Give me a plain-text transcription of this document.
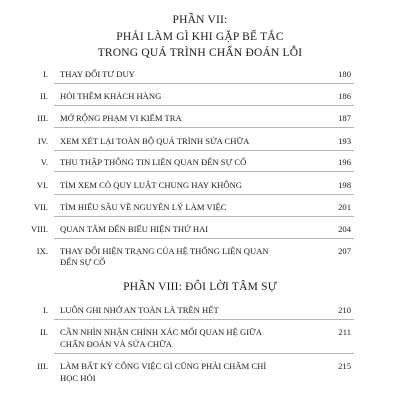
PHẦN VII:
PHẢI LÀM GÌ KHI GẶP BẾ TẮC
TRONG QUÁ TRÌNH CHẨN ĐOÁN LỖI
I. THAY ĐỔI TƯ DUY	180
II. HỎI THÊM KHÁCH HÀNG	186
III. MỞ RỘNG PHẠM VI KIỂM TRA	187
IV. XEM XÉT LẠI TOÀN BỘ QUÁ TRÌNH SỬA CHỮA	193
V. THU THẬP THÔNG TIN LIÊN QUAN ĐẾN SỰ CỐ	196
VI. TÌM XEM CÓ QUY LUẬT CHUNG HAY KHÔNG	198
VII. TÌM HIỂU SÂU VỀ NGUYÊN LÝ LÀM VIỆC	201
VIII. QUAN TÂM ĐẾN BIỂU HIỆN THỨ HAI	204
IX. THAY ĐỔI HIỆN TRẠNG CỦA HỆ THỐNG LIÊN QUAN	207
ĐẾN SỰ CỐ
PHẦN VIII: ĐÔI LỜI TÂM SỰ
I. LUÔN GHI NHỚ AN TOÀN LÀ TRÊN HẾT	210
II. CẦN NHÌN NHẬN CHÍNH XÁC MỐI QUAN HỆ GIỮA	211
CHẨN ĐOÁN VÀ SỬA CHỮA
III. LÀM BẤT KỲ CÔNG VIỆC GÌ CŨNG PHẢI CHĂM CHỈ	215
HỌC HỎI
